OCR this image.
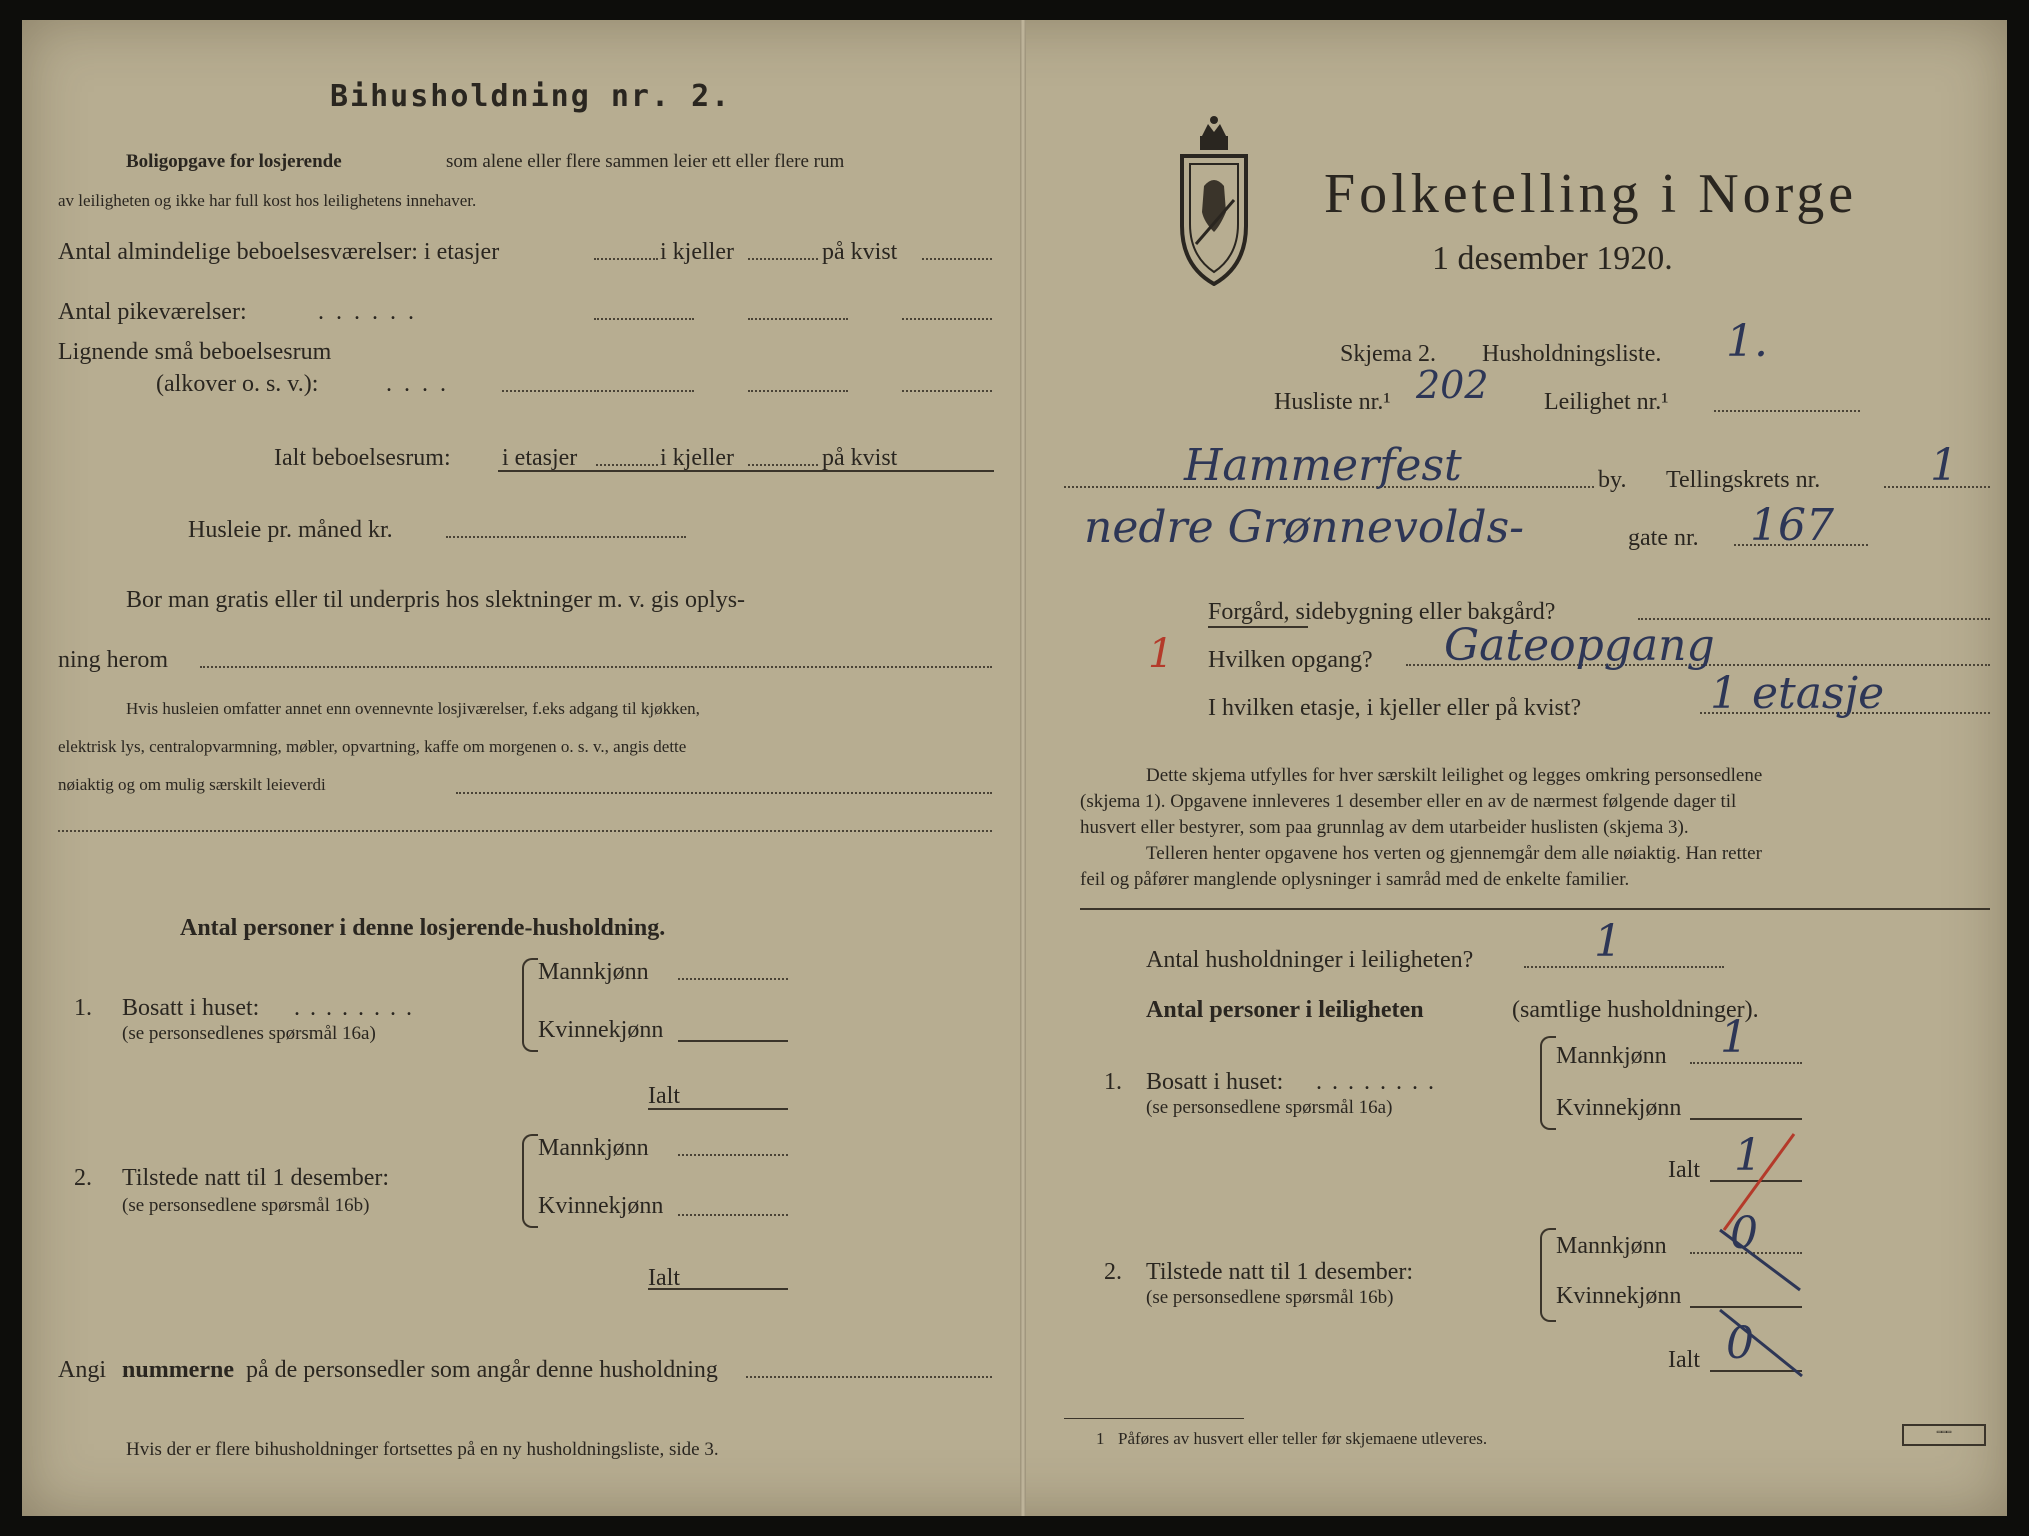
Bihusholdning nr. 2.
Boligopgave for losjerende	som alene eller flere sammen leier ett eller flere rum
av leiligheten og ikke har full kost hos leilighetens innehaver.
Antal almindelige beboelsesværelser: i etasjer	i kjeller	på kvist
Antal pikeværelser:	......
Lignende små beboelsesrum
(alkover o. s. v.):	....
Ialt beboelsesrum: i etasjer	i kjeller	på kvist
Husleie pr. måned kr.
Bor man gratis eller til underpris hos slektninger m. v. gis oplys-
ning herom
Hvis husleien omfatter annet enn ovennevnte losjiværelser, f.eks adgang til kjøkken,
elektrisk lys, centralopvarmning, møbler, opvartning, kaffe om morgenen o. s. v., angis dette
nøiaktig og om mulig særskilt leieverdi
Antal personer i denne losjerende-husholdning.
1. Bosatt i huset: ........
(se personsedlenes spørsmål 16a)
Mannkjønn
Kvinnekjønn
Ialt
2. Tilstede natt til 1 desember:
(se personsedlene spørsmål 16b)
Mannkjønn
Kvinnekjønn
Ialt
Angi nummerne på de personsedler som angår denne husholdning
Hvis der er flere bihusholdninger fortsettes på en ny husholdningsliste, side 3.
Folketelling i Norge
1 desember 1920.
Skjema 2. Husholdningsliste. 1.
Husliste nr.¹ 202 Leilighet nr.¹
Hammerfest	by. Tellingskrets nr. 1
nedre Grønnevolds-	gate nr. 167
Forgård, sidebygning eller bakgård?
1 Hvilken opgang? Gateopgang
I hvilken etasje, i kjeller eller på kvist?	1 etasje
Dette skjema utfylles for hver særskilt leilighet og legges omkring personsedlene
(skjema 1). Opgavene innleveres 1 desember eller en av de nærmest følgende dager til
husvert eller bestyrer, som paa grunnlag av dem utarbeider huslisten (skjema 3).
Telleren henter opgavene hos verten og gjennemgår dem alle nøiaktig. Han retter
feil og påfører manglende oplysninger i samråd med de enkelte familier.
Antal husholdninger i leiligheten?	1
Antal personer i leiligheten	(samtlige husholdninger).
1. Bosatt i huset: ........
(se personsedlene spørsmål 16a)
Mannkjønn 1
Kvinnekjønn
Ialt 1
2. Tilstede natt til 1 desember:
(se personsedlene spørsmål 16b)
Mannkjønn 0
Kvinnekjønn
Ialt 0
1 Påføres av husvert eller teller før skjemaene utleveres.	▭▭▭
